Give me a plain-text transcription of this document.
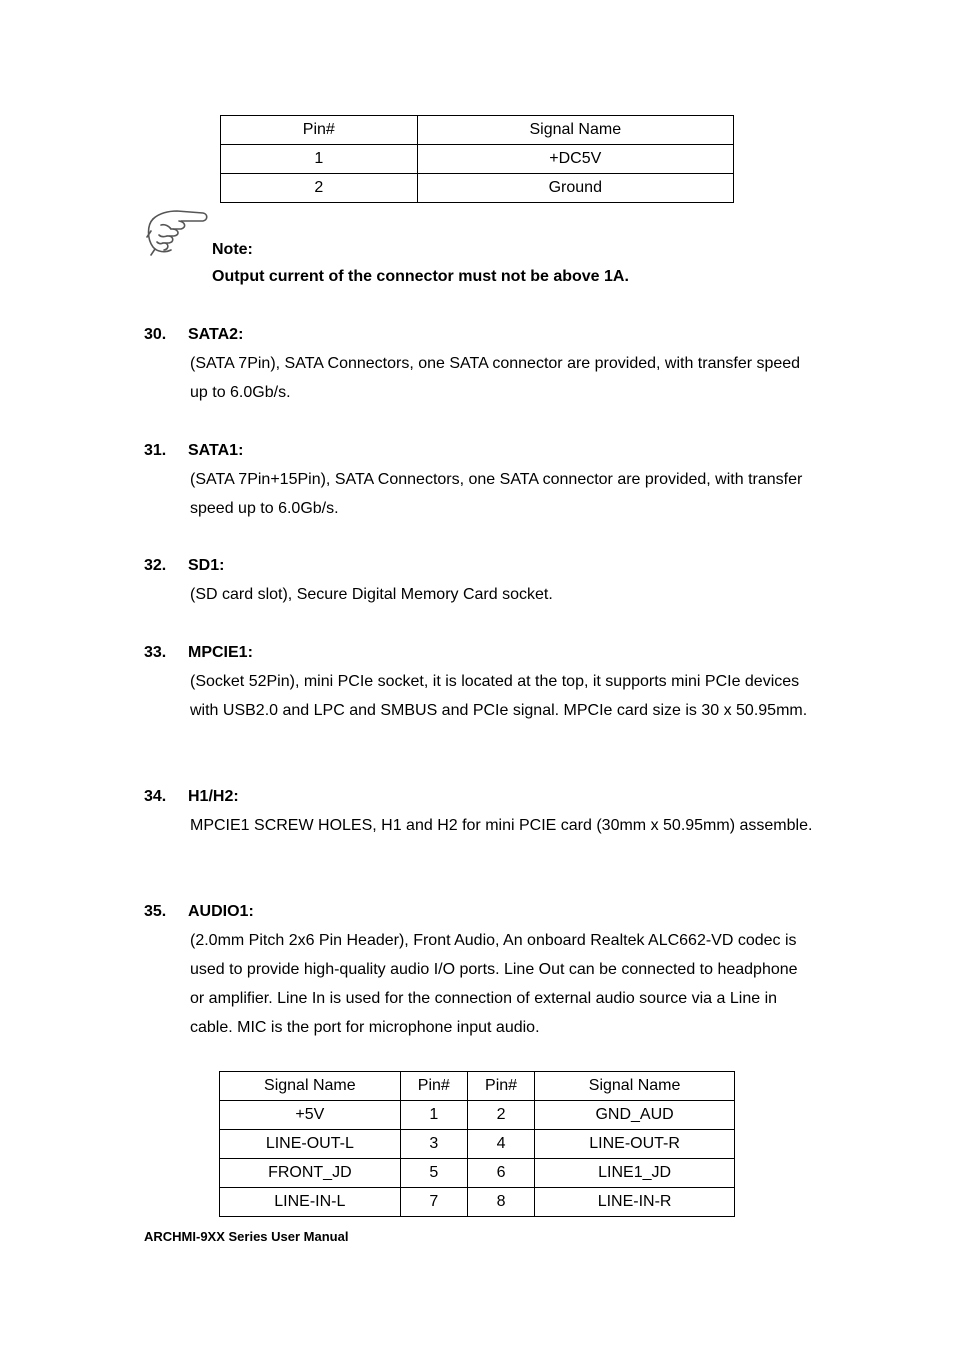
Pin#	Signal Name
1	+DC5V
2	Ground
Note:
Output current of the connector must not be above 1A.
30. SATA2:
(SATA 7Pin), SATA Connectors, one SATA connector are provided, with transfer speed up to 6.0Gb/s.
31. SATA1:
(SATA 7Pin+15Pin), SATA Connectors, one SATA connector are provided, with transfer speed up to 6.0Gb/s.
32. SD1:
(SD card slot), Secure Digital Memory Card socket.
33. MPCIE1:
(Socket 52Pin), mini PCIe socket, it is located at the top, it supports mini PCIe devices with USB2.0 and LPC and SMBUS and PCIe signal. MPCIe card size is 30 x 50.95mm.
34. H1/H2:
MPCIE1 SCREW HOLES, H1 and H2 for mini PCIE card (30mm x 50.95mm) assemble.
35. AUDIO1:
(2.0mm Pitch 2x6 Pin Header), Front Audio, An onboard Realtek ALC662-VD codec is used to provide high-quality audio I/O ports. Line Out can be connected to headphone or amplifier. Line In is used for the connection of external audio source via a Line in cable. MIC is the port for microphone input audio.
Signal Name	Pin#	Pin#	Signal Name
+5V	1	2	GND_AUD
LINE-OUT-L	3	4	LINE-OUT-R
FRONT_JD	5	6	LINE1_JD
LINE-IN-L	7	8	LINE-IN-R
ARCHMI-9XX Series User Manual
